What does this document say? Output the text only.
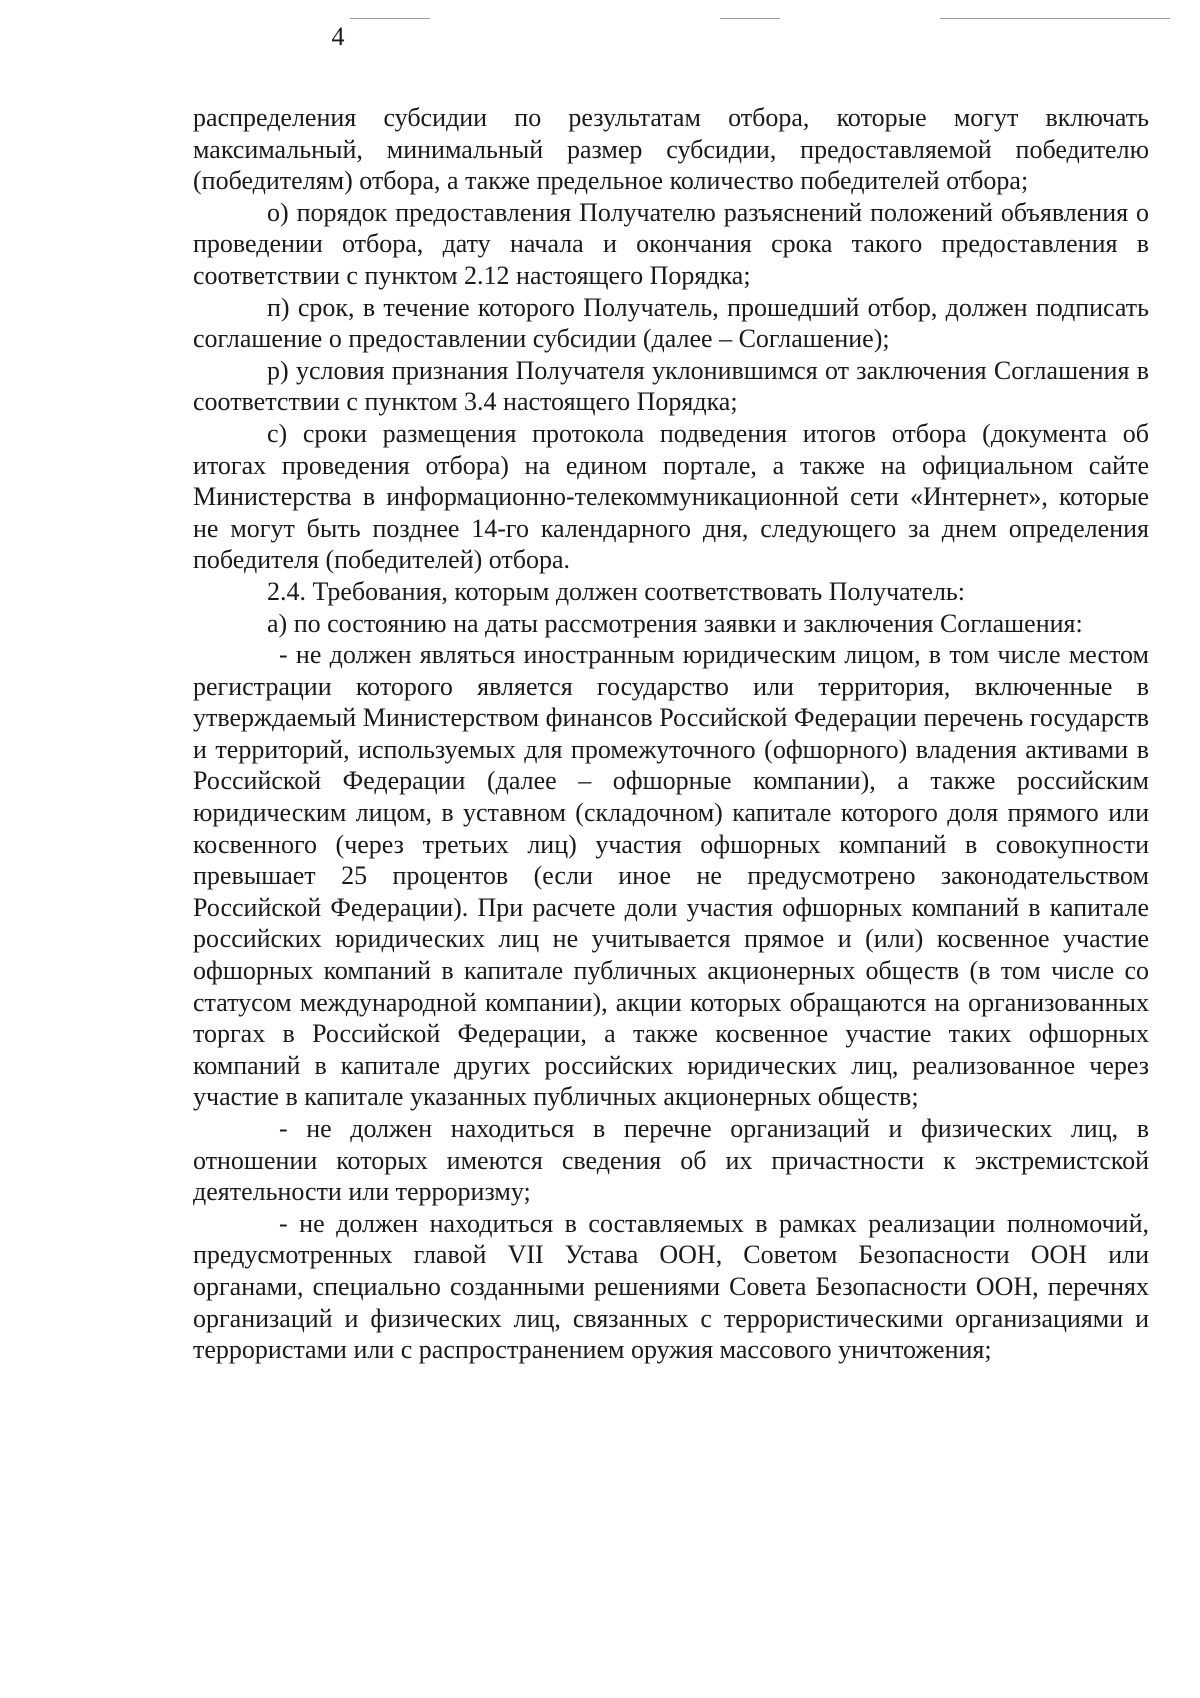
4

распределения субсидии по результатам отбора, которые могут включать максимальный, минимальный размер субсидии, предоставляемой победителю (победителям) отбора, а также предельное количество победителей отбора;

о) порядок предоставления Получателю разъяснений положений объявления о проведении отбора, дату начала и окончания срока такого предоставления в соответствии с пунктом 2.12 настоящего Порядка;

п) срок, в течение которого Получатель, прошедший отбор, должен подписать соглашение о предоставлении субсидии (далее – Соглашение);

р) условия признания Получателя уклонившимся от заключения Соглашения в соответствии с пунктом 3.4 настоящего Порядка;

с) сроки размещения протокола подведения итогов отбора (документа об итогах проведения отбора) на едином портале, а также на официальном сайте Министерства в информационно-телекоммуникационной сети «Интернет», которые не могут быть позднее 14-го календарного дня, следующего за днем определения победителя (победителей) отбора.

2.4. Требования, которым должен соответствовать Получатель:

а) по состоянию на даты рассмотрения заявки и заключения Соглашения:

- не должен являться иностранным юридическим лицом, в том числе местом регистрации которого является государство или территория, включенные в утверждаемый Министерством финансов Российской Федерации перечень государств и территорий, используемых для промежуточного (офшорного) владения активами в Российской Федерации (далее – офшорные компании), а также российским юридическим лицом, в уставном (складочном) капитале которого доля прямого или косвенного (через третьих лиц) участия офшорных компаний в совокупности превышает 25 процентов (если иное не предусмотрено законодательством Российской Федерации). При расчете доли участия офшорных компаний в капитале российских юридических лиц не учитывается прямое и (или) косвенное участие офшорных компаний в капитале публичных акционерных обществ (в том числе со статусом международной компании), акции которых обращаются на организованных торгах в Российской Федерации, а также косвенное участие таких офшорных компаний в капитале других российских юридических лиц, реализованное через участие в капитале указанных публичных акционерных обществ;

- не должен находиться в перечне организаций и физических лиц, в отношении которых имеются сведения об их причастности к экстремистской деятельности или терроризму;

- не должен находиться в составляемых в рамках реализации полномочий, предусмотренных главой VII Устава ООН, Советом Безопасности ООН или органами, специально созданными решениями Совета Безопасности ООН, перечнях организаций и физических лиц, связанных с террористическими организациями и террористами или с распространением оружия массового уничтожения;
